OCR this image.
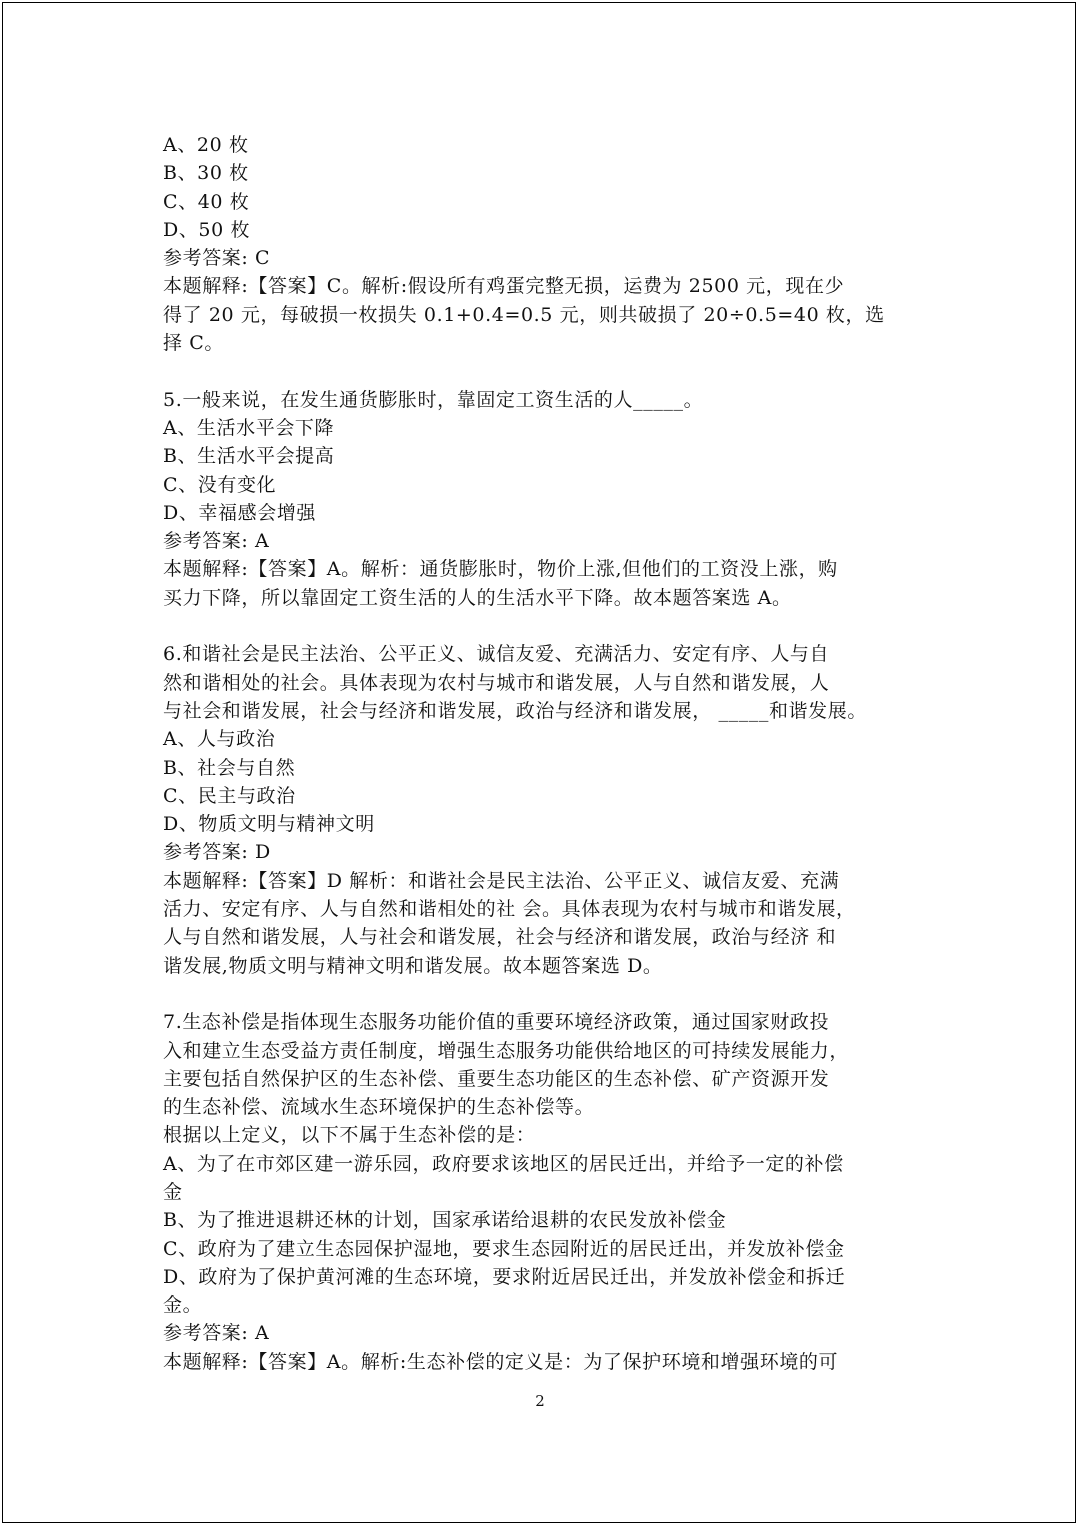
A、20 枚
B、30 枚
C、40 枚
D、50 枚
参考答案: C
本题解释:【答案】C。解析:假设所有鸡蛋完整无损，运费为 2500 元，现在少
得了 20 元，每破损一枚损失 0.1+0.4=0.5 元，则共破损了 20÷0.5=40 枚，选
择 C。
5.一般来说，在发生通货膨胀时，靠固定工资生活的人_____。
A、生活水平会下降
B、生活水平会提高
C、没有变化
D、幸福感会增强
参考答案: A
本题解释:【答案】A。解析：通货膨胀时，物价上涨,但他们的工资没上涨，购
买力下降，所以靠固定工资生活的人的生活水平下降。故本题答案选 A。
6.和谐社会是民主法治、公平正义、诚信友爱、充满活力、安定有序、人与自
然和谐相处的社会。具体表现为农村与城市和谐发展，人与自然和谐发展，人
与社会和谐发展，社会与经济和谐发展，政治与经济和谐发展， _____和谐发展。
A、人与政治
B、社会与自然
C、民主与政治
D、物质文明与精神文明
参考答案: D
本题解释:【答案】D 解析：和谐社会是民主法治、公平正义、诚信友爱、充满
活力、安定有序、人与自然和谐相处的社 会。具体表现为农村与城市和谐发展，
人与自然和谐发展，人与社会和谐发展，社会与经济和谐发展，政治与经济 和
谐发展,物质文明与精神文明和谐发展。故本题答案选 D。
7.生态补偿是指体现生态服务功能价值的重要环境经济政策，通过国家财政投
入和建立生态受益方责任制度，增强生态服务功能供给地区的可持续发展能力，
主要包括自然保护区的生态补偿、重要生态功能区的生态补偿、矿产资源开发
的生态补偿、流域水生态环境保护的生态补偿等。
根据以上定义，以下不属于生态补偿的是：
A、为了在市郊区建一游乐园，政府要求该地区的居民迁出，并给予一定的补偿
金
B、为了推进退耕还林的计划，国家承诺给退耕的农民发放补偿金
C、政府为了建立生态园保护湿地，要求生态园附近的居民迁出，并发放补偿金
D、政府为了保护黄河滩的生态环境，要求附近居民迁出，并发放补偿金和拆迁
金。
参考答案: A
本题解释:【答案】A。解析:生态补偿的定义是：为了保护环境和增强环境的可
2
